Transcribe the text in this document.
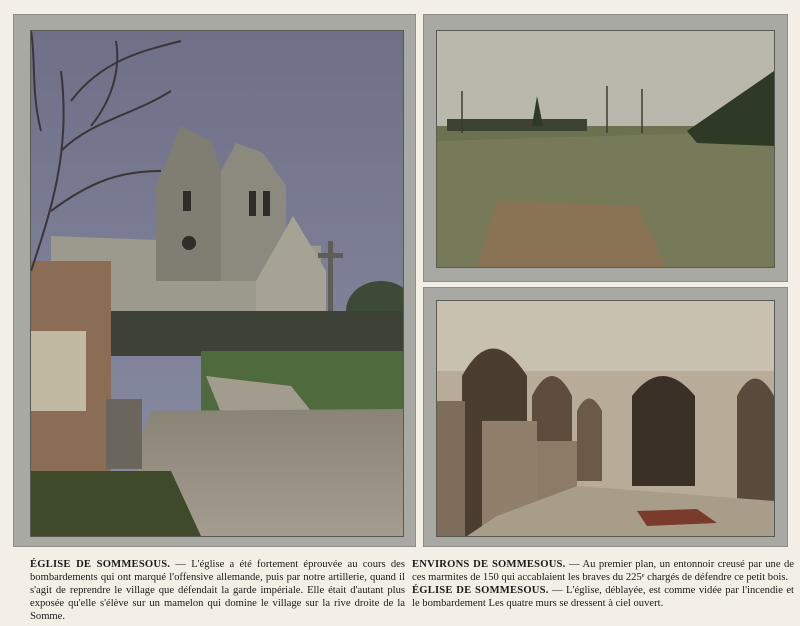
ÉGLISE DE SOMMESOUS. — L'église a été fortement éprouvée au cours des bombardements qui ont marqué l'offensive allemande, puis par notre artillerie, quand il s'agit de reprendre le village que défendait la garde impériale. Elle était d'autant plus exposée qu'elle s'élève sur un mamelon qui domine le village sur la rive droite de la Somme.
ENVIRONS DE SOMMESOUS. — Au premier plan, un entonnoir creusé par une de ces marmites de 150 qui accablaient les braves du 225ᵉ chargés de défendre ce petit bois.
ÉGLISE DE SOMMESOUS. — L'église, déblayée, est comme vidée par l'incendie et le bombardement Les quatre murs se dressent à ciel ouvert.
